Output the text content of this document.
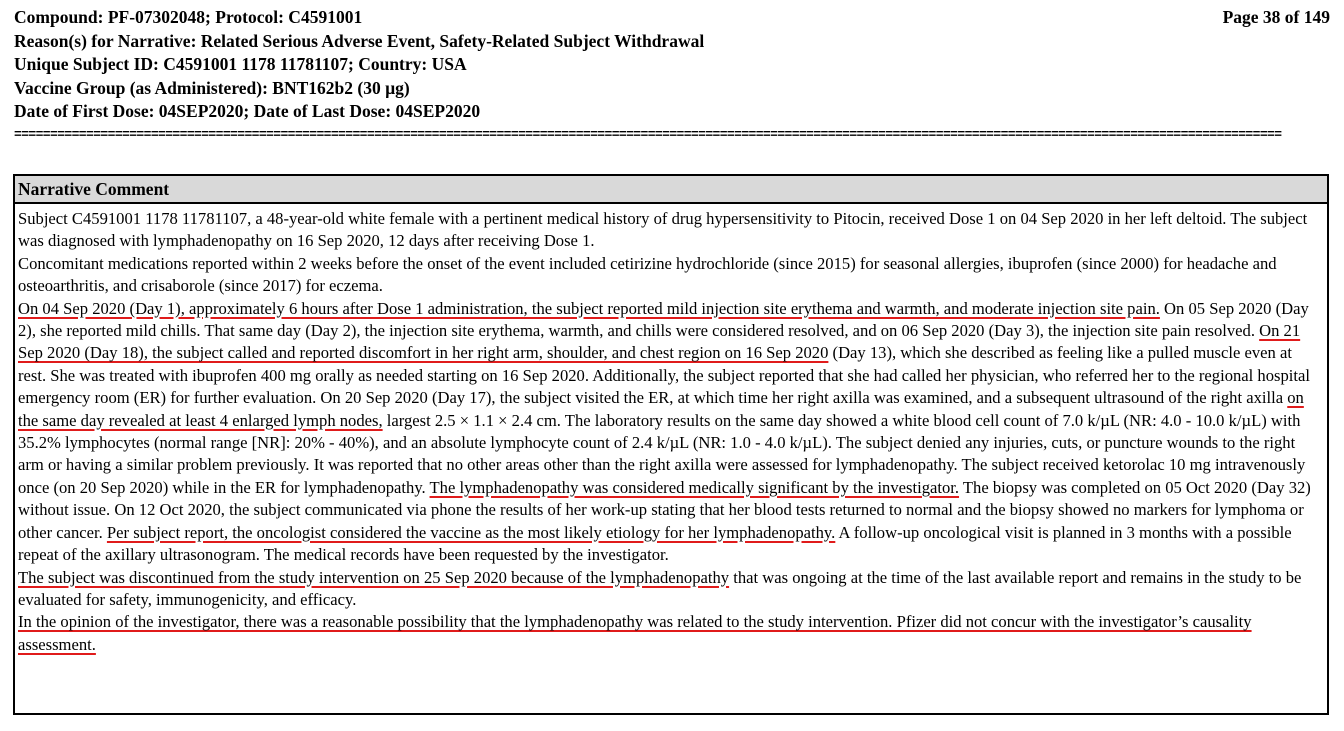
Compound: PF-07302048; Protocol: C4591001
Reason(s) for Narrative: Related Serious Adverse Event, Safety-Related Subject Withdrawal
Unique Subject ID: C4591001 1178 11781107; Country: USA
Vaccine Group (as Administered): BNT162b2 (30 µg)
Date of First Dose: 04SEP2020; Date of Last Dose: 04SEP2020
Page 38 of 149
================================================================================================================================================================================
Narrative Comment

Subject C4591001 1178 11781107, a 48-year-old white female with a pertinent medical history of drug hypersensitivity to Pitocin, received Dose 1 on 04 Sep 2020 in her left deltoid. The subject was diagnosed with lymphadenopathy on 16 Sep 2020, 12 days after receiving Dose 1.

Concomitant medications reported within 2 weeks before the onset of the event included cetirizine hydrochloride (since 2015) for seasonal allergies, ibuprofen (since 2000) for headache and osteoarthritis, and crisaborole (since 2017) for eczema.

On 04 Sep 2020 (Day 1), approximately 6 hours after Dose 1 administration, the subject reported mild injection site erythema and warmth, and moderate injection site pain. On 05 Sep 2020 (Day 2), she reported mild chills. That same day (Day 2), the injection site erythema, warmth, and chills were considered resolved, and on 06 Sep 2020 (Day 3), the injection site pain resolved. On 21 Sep 2020 (Day 18), the subject called and reported discomfort in her right arm, shoulder, and chest region on 16 Sep 2020 (Day 13), which she described as feeling like a pulled muscle even at rest. She was treated with ibuprofen 400 mg orally as needed starting on 16 Sep 2020. Additionally, the subject reported that she had called her physician, who referred her to the regional hospital emergency room (ER) for further evaluation. On 20 Sep 2020 (Day 17), the subject visited the ER, at which time her right axilla was examined, and a subsequent ultrasound of the right axilla on the same day revealed at least 4 enlarged lymph nodes, largest 2.5 × 1.1 × 2.4 cm. The laboratory results on the same day showed a white blood cell count of 7.0 k/µL (NR: 4.0 - 10.0 k/µL) with 35.2% lymphocytes (normal range [NR]: 20% - 40%), and an absolute lymphocyte count of 2.4 k/µL (NR: 1.0 - 4.0 k/µL). The subject denied any injuries, cuts, or puncture wounds to the right arm or having a similar problem previously. It was reported that no other areas other than the right axilla were assessed for lymphadenopathy. The subject received ketorolac 10 mg intravenously once (on 20 Sep 2020) while in the ER for lymphadenopathy. The lymphadenopathy was considered medically significant by the investigator. The biopsy was completed on 05 Oct 2020 (Day 32) without issue. On 12 Oct 2020, the subject communicated via phone the results of her work-up stating that her blood tests returned to normal and the biopsy showed no markers for lymphoma or other cancer. Per subject report, the oncologist considered the vaccine as the most likely etiology for her lymphadenopathy. A follow-up oncological visit is planned in 3 months with a possible repeat of the axillary ultrasonogram. The medical records have been requested by the investigator.

The subject was discontinued from the study intervention on 25 Sep 2020 because of the lymphadenopathy that was ongoing at the time of the last available report and remains in the study to be evaluated for safety, immunogenicity, and efficacy.

In the opinion of the investigator, there was a reasonable possibility that the lymphadenopathy was related to the study intervention. Pfizer did not concur with the investigator’s causality assessment.
